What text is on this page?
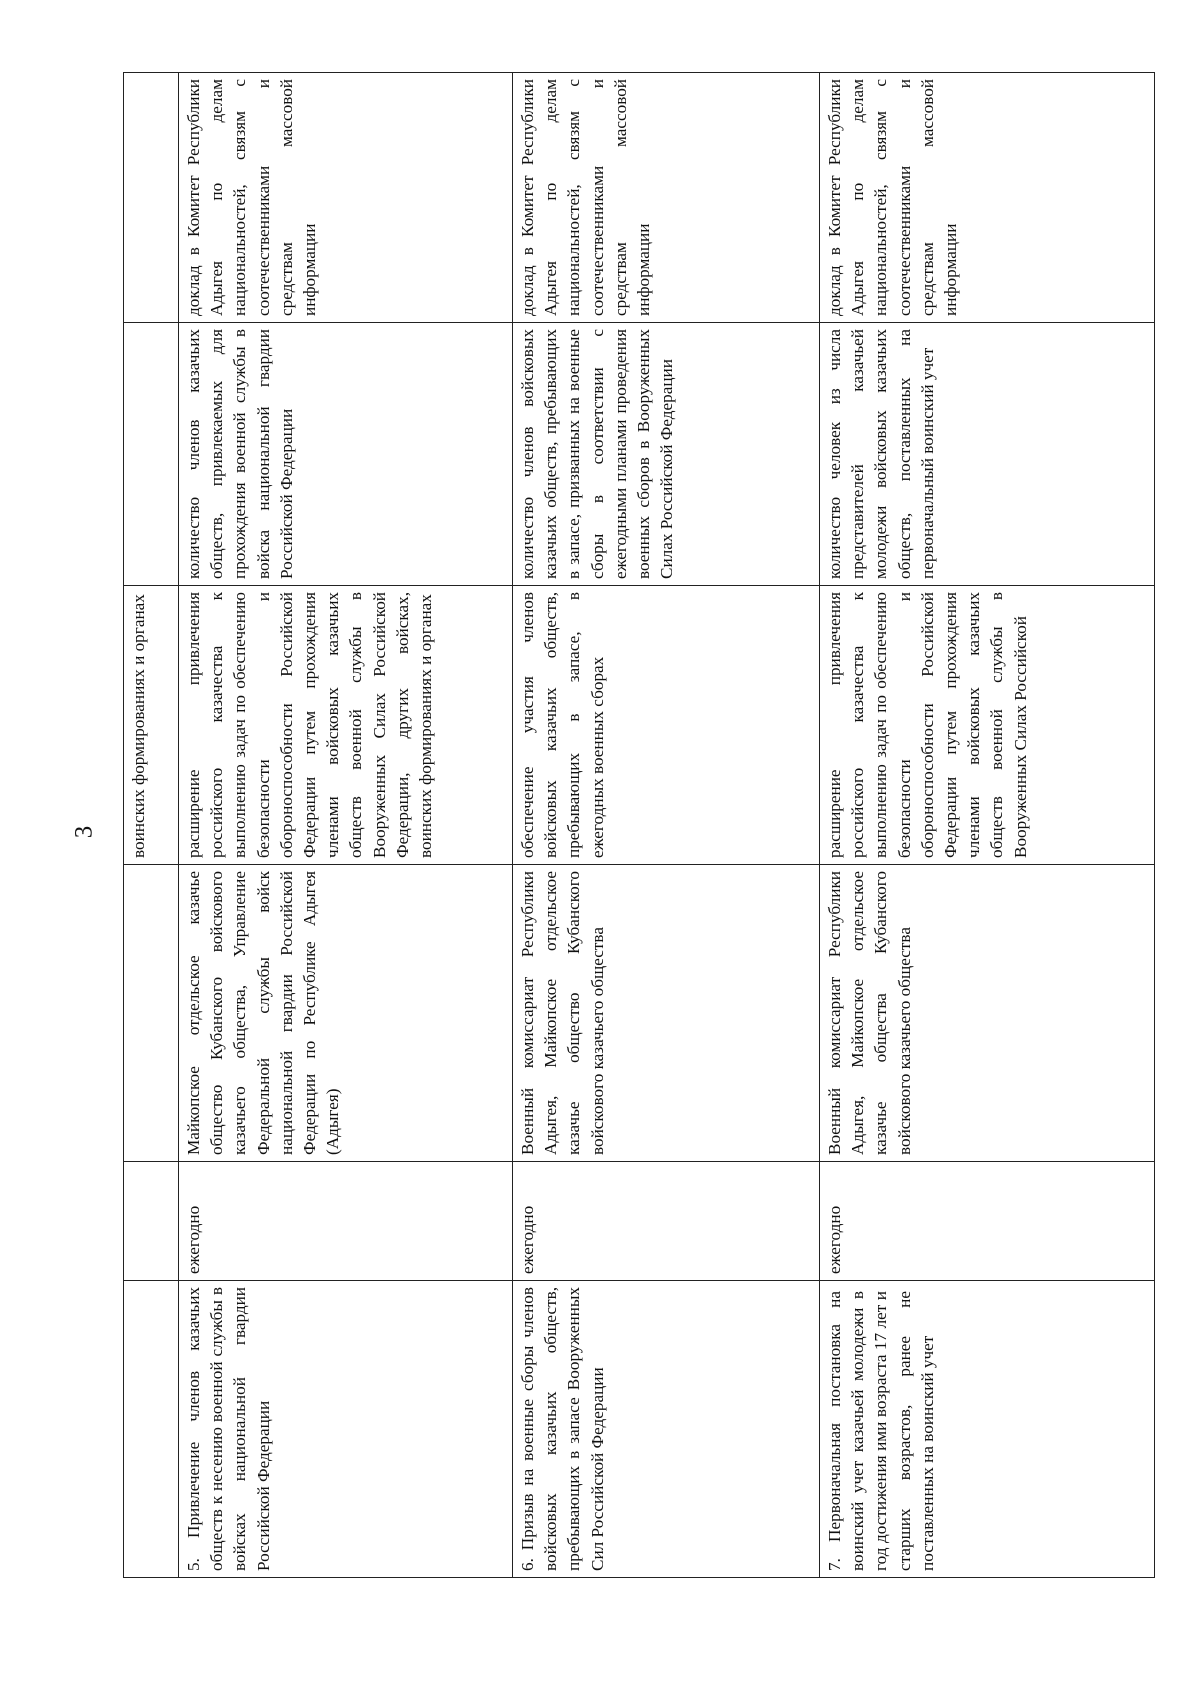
3
			воинских формированиях и органах		
5. Привлечение членов казачьих обществ к несению военной службы в войсках национальной гвардии Российской Федерации	ежегодно	Майкопское отдельское казачье общество Кубанского войскового казачьего общества, Управление Федеральной службы войск национальной гвардии Российской Федерации по Республике Адыгея (Адыгея)	расширение привлечения российского казачества к выполнению задач по обеспечению безопасности и обороноспособности Российской Федерации путем прохождения членами войсковых казачьих обществ военной службы в Вооруженных Силах Российской Федерации, других войсках, воинских формированиях и органах	количество членов казачьих обществ, привлекаемых для прохождения военной службы в войска национальной гвардии Российской Федерации	доклад в Комитет Республики Адыгея по делам национальностей, связям с соотечественниками и средствам массовой информации
6. Призыв на военные сборы членов войсковых казачьих обществ, пребывающих в запасе Вооруженных Сил Российской Федерации	ежегодно	Военный комиссариат Республики Адыгея, Майкопское отдельское казачье общество Кубанского войскового казачьего общества	обеспечение участия членов войсковых казачьих обществ, пребывающих в запасе, в ежегодных военных сборах	количество членов войсковых казачьих обществ, пребывающих в запасе, призванных на военные сборы в соответствии с ежегодными планами проведения военных сборов в Вооруженных Силах Российской Федерации	доклад в Комитет Республики Адыгея по делам национальностей, связям с соотечественниками и средствам массовой информации
7. Первоначальная постановка на воинский учет казачьей молодежи в год достижения ими возраста 17 лет и старших возрастов, ранее не поставленных на воинский учет	ежегодно	Военный комиссариат Республики Адыгея, Майкопское отдельское казачье общества Кубанского войскового казачьего общества	расширение привлечения российского казачества к выполнению задач по обеспечению безопасности и обороноспособности Российской Федерации путем прохождения членами войсковых казачьих обществ военной службы в Вооруженных Силах Российской	количество человек из числа представителей казачьей молодежи войсковых казачьих обществ, поставленных на первоначальный воинский учет	доклад в Комитет Республики Адыгея по делам национальностей, связям с соотечественниками и средствам массовой информации
